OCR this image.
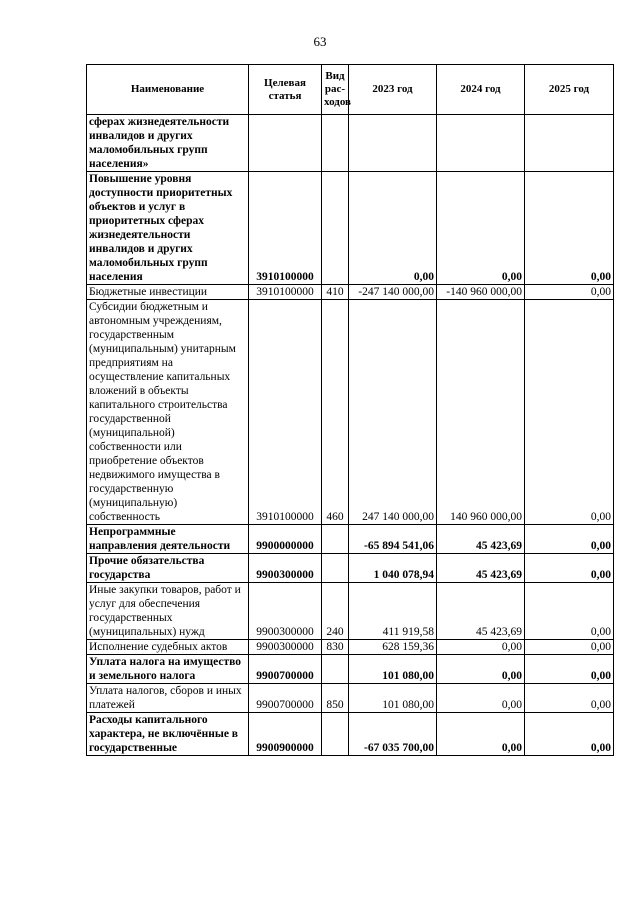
63
Наименование	Целевая статья	Вид рас-ходов	2023 год	2024 год	2025 год
сферах жизнедеятельности инвалидов и других маломобильных групп населения»					
Повышение уровня доступности приоритетных объектов и услуг в приоритетных сферах жизнедеятельности инвалидов и других маломобильных групп населения	3910100000		0,00	0,00	0,00
Бюджетные инвестиции	3910100000	410	-247 140 000,00	-140 960 000,00	0,00
Субсидии бюджетным и автономным учреждениям, государственным (муниципальным) унитарным предприятиям на осуществление капитальных вложений в объекты капитального строительства государственной (муниципальной) собственности или приобретение объектов недвижимого имущества в государственную (муниципальную) собственность	3910100000	460	247 140 000,00	140 960 000,00	0,00
Непрограммные направления деятельности	9900000000		-65 894 541,06	45 423,69	0,00
Прочие обязательства государства	9900300000		1 040 078,94	45 423,69	0,00
Иные закупки товаров, работ и услуг для обеспечения государственных (муниципальных) нужд	9900300000	240	411 919,58	45 423,69	0,00
Исполнение судебных актов	9900300000	830	628 159,36	0,00	0,00
Уплата налога на имущество и земельного налога	9900700000		101 080,00	0,00	0,00
Уплата налогов, сборов и иных платежей	9900700000	850	101 080,00	0,00	0,00
Расходы капитального характера, не включённые в государственные	9900900000		-67 035 700,00	0,00	0,00
